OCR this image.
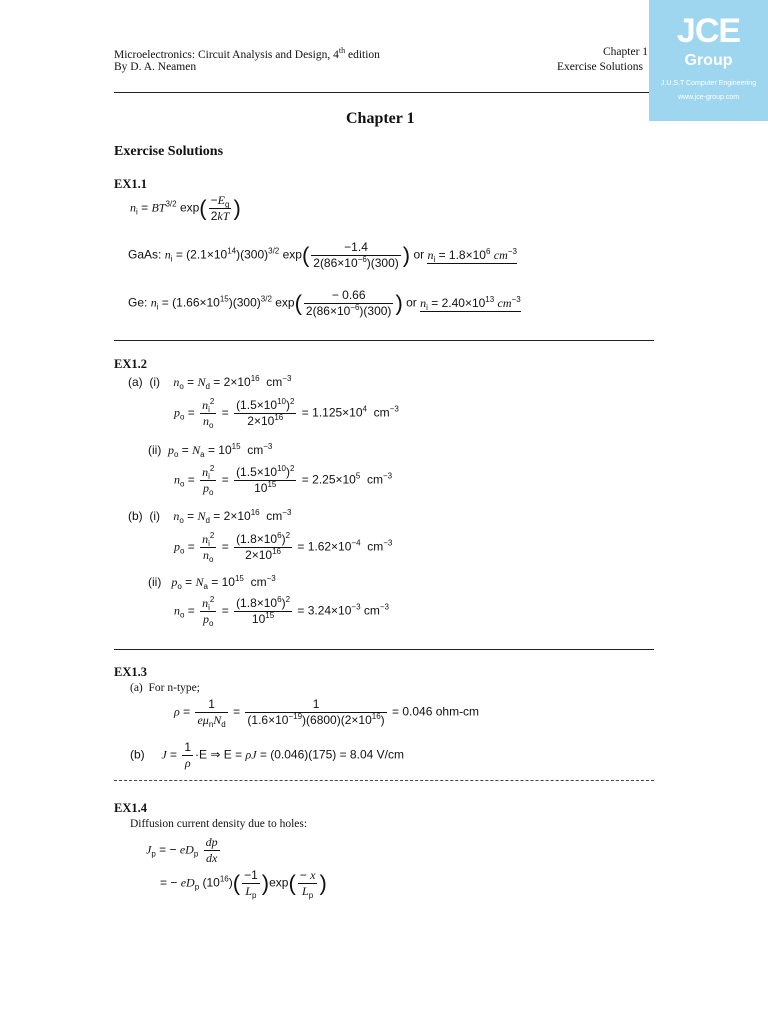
Microelectronics: Circuit Analysis and Design, 4th edition
By D. A. Neamen
Chapter 1
Exercise Solutions
JCE
Group
J.U.S.T Computer Engineering
www.jce-group.com
Chapter 1
Exercise Solutions
EX1.1
$n_i = BT^{3/2}$ $\exp( \frac{-E_g}{2kT}$ )
GaAs: $n_i = (2.1\times 10^{14})(300)^{3/2}$ $\exp( \frac{-1.4}{2(86\times 10^{-6})(300)}$ ) or $n_i = 1.8\times 10^6$ $cm^{-3}$
Ge: $n_i = (1.66\times 10^{15})(300)^{3/2}$ $\exp( \frac{- 0.66}{2(86\times 10^{-6})(300)}$ ) or $n_i = 2.40\times 10^{13}$ $cm^{-3}$
EX1.2
(a) (i) $n_o = N_d = 2\times 10^{16}$ $cm^{-3}$
$p_o = \frac{n_i^2}{n_o} = \frac{(1.5\times 10^{10})^2}{2\times 10^{16}} = 1.125\times 10^4$ $cm^{-3}$
(ii) $p_o = N_a = 10^{15}$ $cm^{-3}$
$n_o = \frac{n_i^2}{p_o} = \frac{(1.5\times 10^{10})^2}{10^{15}} = 2.25\times 10^5$ $cm^{-3}$
(b) (i) $n_o = N_d = 2\times 10^{16}$ $cm^{-3}$
$p_o = \frac{n_i^2}{n_o} = \frac{(1.8\times 10^6)^2}{2\times 10^{16}} = 1.62\times 10^{-4}$ $cm^{-3}$
(ii) $p_o = N_a = 10^{15}$ $cm^{-3}$
$n_o = \frac{n_i^2}{p_o} = \frac{(1.8\times 10^6)^2}{10^{15}} = 3.24\times 10^{-3}$ $cm^{-3}$
EX1.3
(a) For n-type;
$\rho = \frac{1}{e\mu_nN_d} = \frac{1}{(1.6\times 10^{-19})(6800)(2\times 10^{16})} = 0.046$ ohm-cm
(b) $J = \frac{1}{\rho} \cdot E$ ⇒ E = ρJ = (0.046)(175) = 8.04 V/cm
EX1.4
Diffusion current density due to holes:
$J_p$ = − $eD_p \frac{dp}{dx}$
= − $eD_p$ $(10^{16})( \frac{-1}{L_p} )\exp( \frac{- x}{L_p}$ )
